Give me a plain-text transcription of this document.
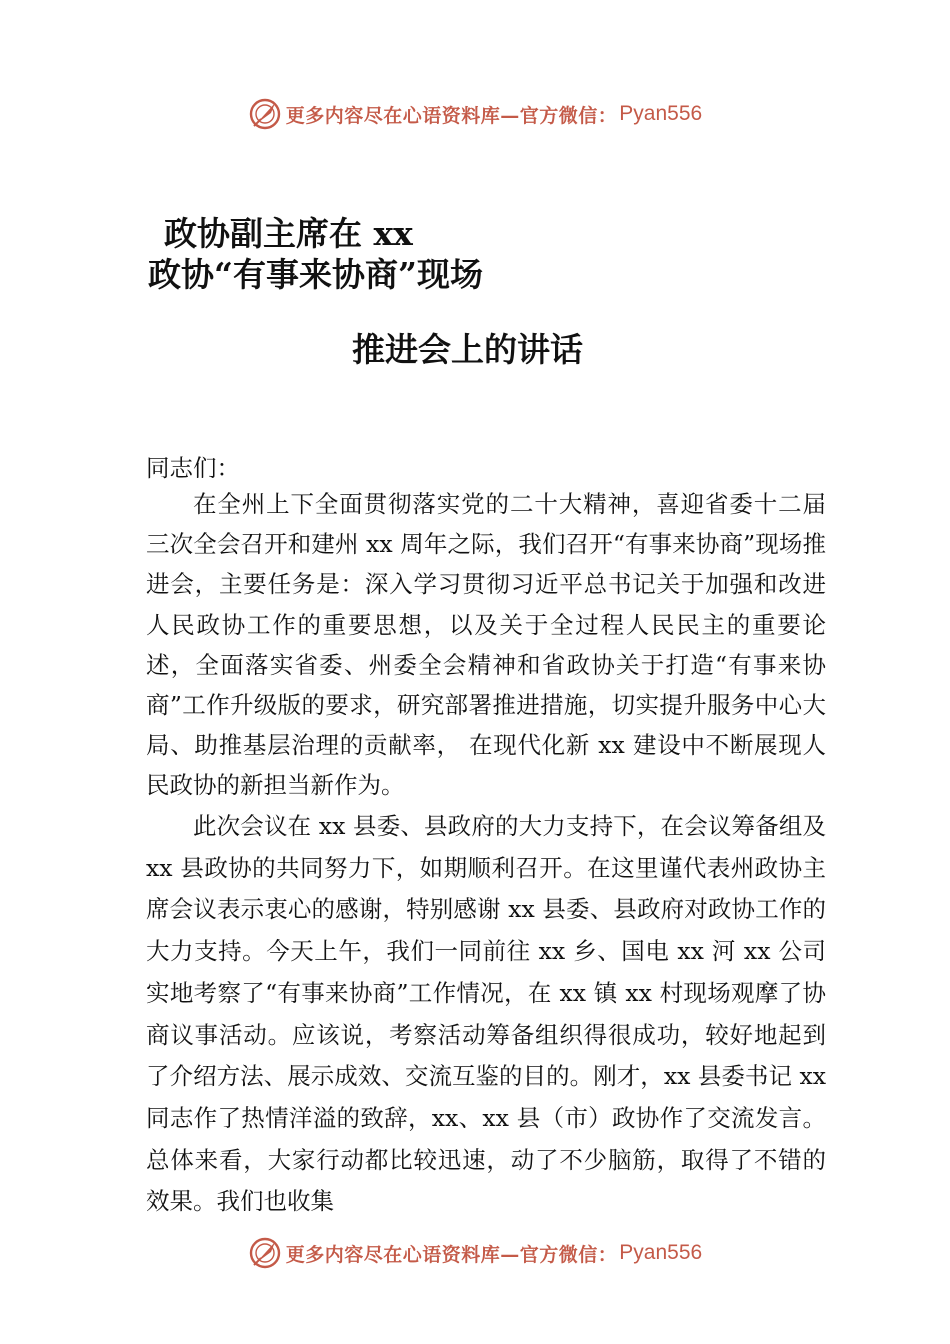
更多内容尽在心语资料库—官方微信： Pyan556
政协副主席在 xx
政协“有事来协商”现场
推进会上的讲话
同志们：

在全州上下全面贯彻落实党的二十大精神，喜迎省委十二届三次全会召开和建州 xx 周年之际，我们召开“有事来协商”现场推进会，主要任务是：深入学习贯彻习近平总书记关于加强和改进人民政协工作的重要思想，以及关于全过程人民民主的重要论述，全面落实省委、州委全会精神和省政协关于打造“有事来协商”工作升级版的要求，研究部署推进措施，切实提升服务中心大局、助推基层治理的贡献率， 在现代化新 xx 建设中不断展现人民政协的新担当新作为。

此次会议在 xx 县委、县政府的大力支持下，在会议筹备组及 xx 县政协的共同努力下，如期顺利召开。在这里谨代表州政协主席会议表示衷心的感谢，特别感谢 xx 县委、县政府对政协工作的大力支持。今天上午，我们一同前往 xx 乡、国电 xx 河 xx 公司实地考察了“有事来协商”工作情况，在 xx 镇 xx 村现场观摩了协商议事活动。应该说，考察活动筹备组织得很成功，较好地起到了介绍方法、展示成效、交流互鉴的目的。刚才，xx 县委书记 xx 同志作了热情洋溢的致辞，xx、xx 县（市）政协作了交流发言。总体来看，大家行动都比较迅速，动了不少脑筋，取得了不错的效果。我们也收集

更多内容尽在心语资料库—官方微信： Pyan556
